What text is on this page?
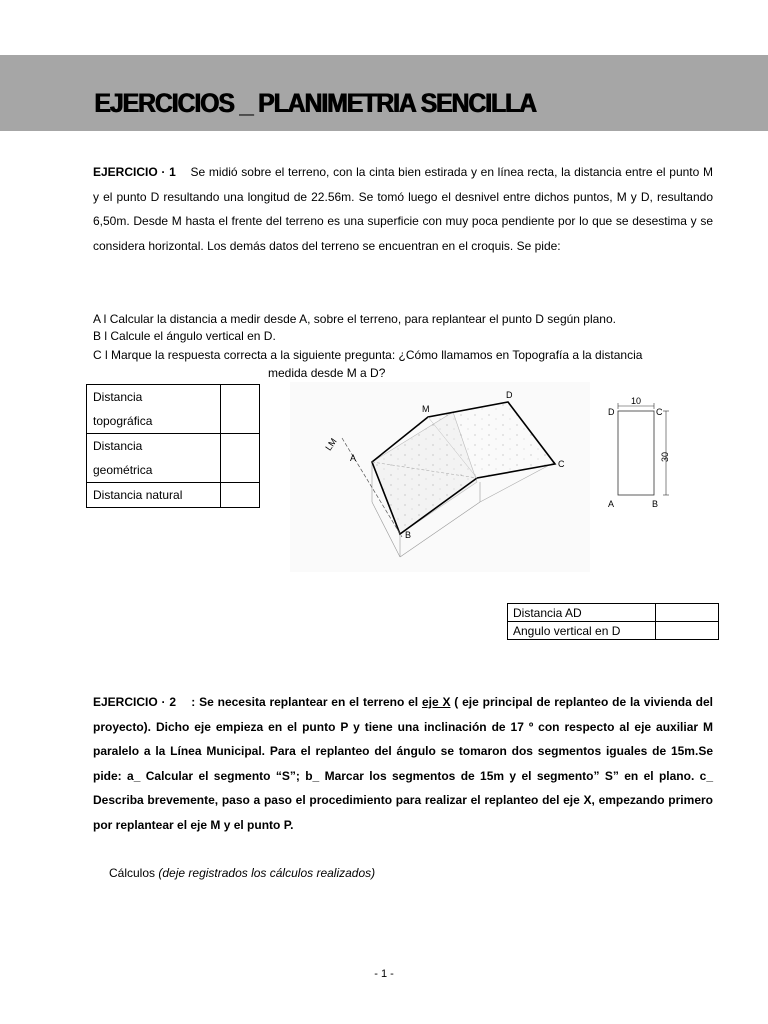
EJERCICIOS _ PLANIMETRIA SENCILLA
EJERCICIO · 1 Se midió sobre el terreno, con la cinta bien estirada y en línea recta, la distancia entre el punto M y el punto D resultando una longitud de 22.56m. Se tomó luego el desnivel entre dichos puntos, M y D, resultando 6,50m. Desde M hasta el frente del terreno es una superficie con muy poca pendiente por lo que se desestima y se considera horizontal. Los demás datos del terreno se encuentran en el croquis. Se pide:
A l Calcular la distancia a medir desde A, sobre el terreno, para replantear el punto D según plano.
B l Calcule el ángulo vertical en D.
C l Marque la respuesta correcta a la siguiente pregunta: ¿Cómo llamamos en Topografía a la distancia
medida desde M a D?
Distancia
topográfica	
Distancia
geométrica	
Distancia natural	
LM
A
M
D
C
B
10
30
D	C
A	B
Distancia AD	
Angulo vertical en D	
EJERCICIO · 2    : Se necesita replantear en el terreno el eje X ( eje principal de replanteo de la vivienda del proyecto). Dicho eje empieza en el punto P y tiene una inclinación de 17 º con respecto al eje auxiliar M paralelo a la Línea Municipal. Para el replanteo del ángulo se tomaron dos segmentos iguales de 15m.Se pide: a_ Calcular el segmento “S”; b_ Marcar los segmentos de 15m y el segmento” S” en el plano. c_ Describa brevemente, paso a paso el procedimiento para realizar el replanteo del eje X, empezando primero por replantear el eje M y el punto P.
Cálculos (deje registrados los cálculos realizados)
- 1 -
